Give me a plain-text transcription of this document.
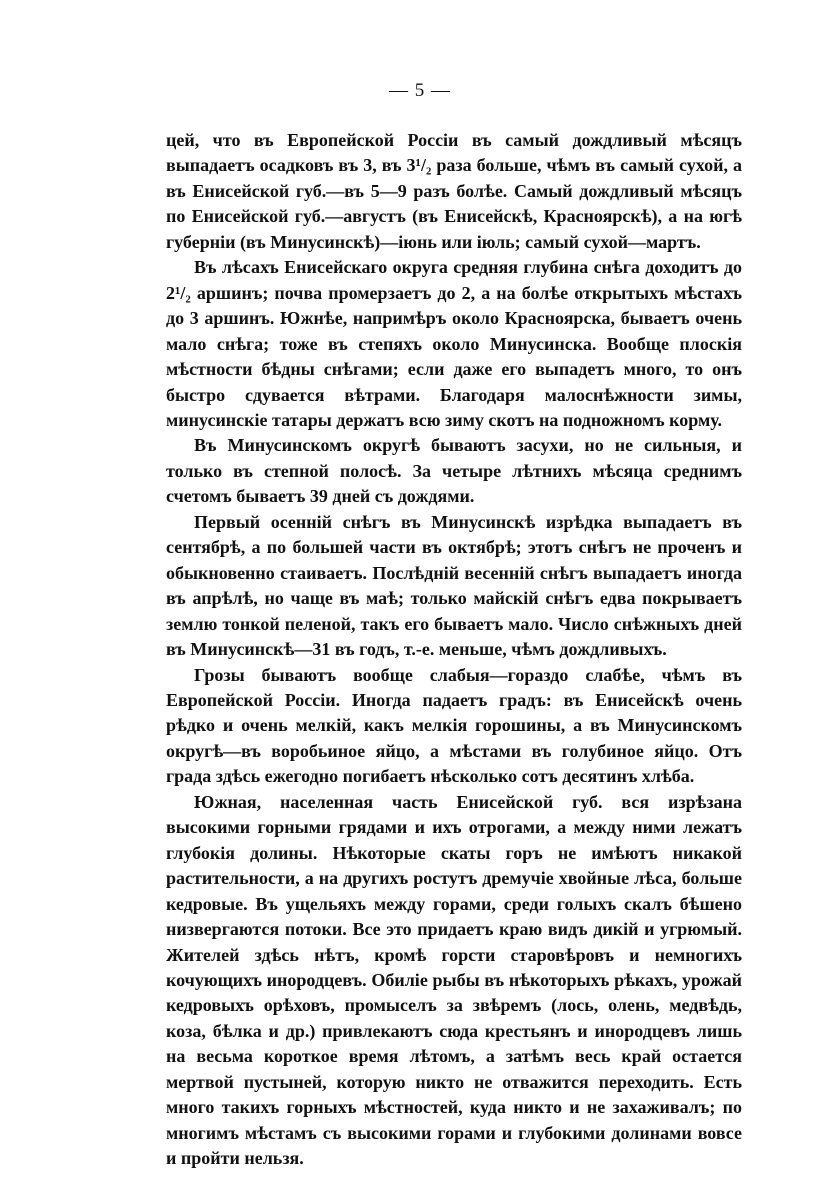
— 5 —

цей, что въ Европейской Россіи въ самый дождливый мѣсяцъ выпадаетъ осадковъ въ 3, въ 3¹/₂ раза больше, чѣмъ въ самый сухой, а въ Енисейской губ.—въ 5—9 разъ болѣе. Самый дождливый мѣсяцъ по Енисейской губ.—августъ (въ Енисейскѣ, Красноярскѣ), а на югѣ губерніи (въ Минусинскѣ)—іюнь или іюль; самый сухой—мартъ.

Въ лѣсахъ Енисейскаго округа средняя глубина снѣга доходитъ до 2¹/₂ аршинъ; почва промерзаетъ до 2, а на болѣе открытыхъ мѣстахъ до 3 аршинъ. Южнѣе, напримѣръ около Красноярска, бываетъ очень мало снѣга; тоже въ степяхъ около Минусинска. Вообще плоскія мѣстности бѣдны снѣгами; если даже его выпадетъ много, то онъ быстро сдувается вѣтрами. Благодаря малоснѣжности зимы, минусинскіе татары держатъ всю зиму скотъ на подножномъ корму.

Въ Минусинскомъ округѣ бываютъ засухи, но не сильныя, и только въ степной полосѣ. За четыре лѣтнихъ мѣсяца среднимъ счетомъ бываетъ 39 дней съ дождями.

Первый осенній снѣгъ въ Минусинскѣ изрѣдка выпадаетъ въ сентябрѣ, а по большей части въ октябрѣ; этотъ снѣгъ не проченъ и обыкновенно стаиваетъ. Послѣдній весенній снѣгъ выпадаетъ иногда въ апрѣлѣ, но чаще въ маѣ; только майскій снѣгъ едва покрываетъ землю тонкой пеленой, такъ его бываетъ мало. Число снѣжныхъ дней въ Минусинскѣ—31 въ годъ, т.-е. меньше, чѣмъ дождливыхъ.

Грозы бываютъ вообще слабыя—гораздо слабѣе, чѣмъ въ Европейской Россіи. Иногда падаетъ градъ: въ Енисейскѣ очень рѣдко и очень мелкій, какъ мелкія горошины, а въ Минусинскомъ округѣ—въ воробьиное яйцо, а мѣстами въ голубиное яйцо. Отъ града здѣсь ежегодно погибаетъ нѣсколько сотъ десятинъ хлѣба.

Южная, населенная часть Енисейской губ. вся изрѣзана высокими горными грядами и ихъ отрогами, а между ними лежатъ глубокія долины. Нѣкоторые скаты горъ не имѣютъ никакой растительности, а на другихъ ростутъ дремучіе хвойные лѣса, больше кедровые. Въ ущельяхъ между горами, среди голыхъ скалъ бѣшено низвергаются потоки. Все это придаетъ краю видъ дикій и угрюмый. Жителей здѣсь нѣтъ, кромѣ горсти старовѣровъ и немногихъ кочующихъ инородцевъ. Обиліе рыбы въ нѣкоторыхъ рѣкахъ, урожай кедровыхъ орѣховъ, промыселъ за звѣремъ (лось, олень, медвѣдь, коза, бѣлка и др.) привлекаютъ сюда крестьянъ и инородцевъ лишь на весьма короткое время лѣтомъ, а затѣмъ весь край остается мертвой пустыней, которую никто не отважится переходить. Есть много такихъ горныхъ мѣстностей, куда никто и не захаживалъ; по многимъ мѣстамъ съ высокими горами и глубокими долинами вовсе и пройти нельзя.
